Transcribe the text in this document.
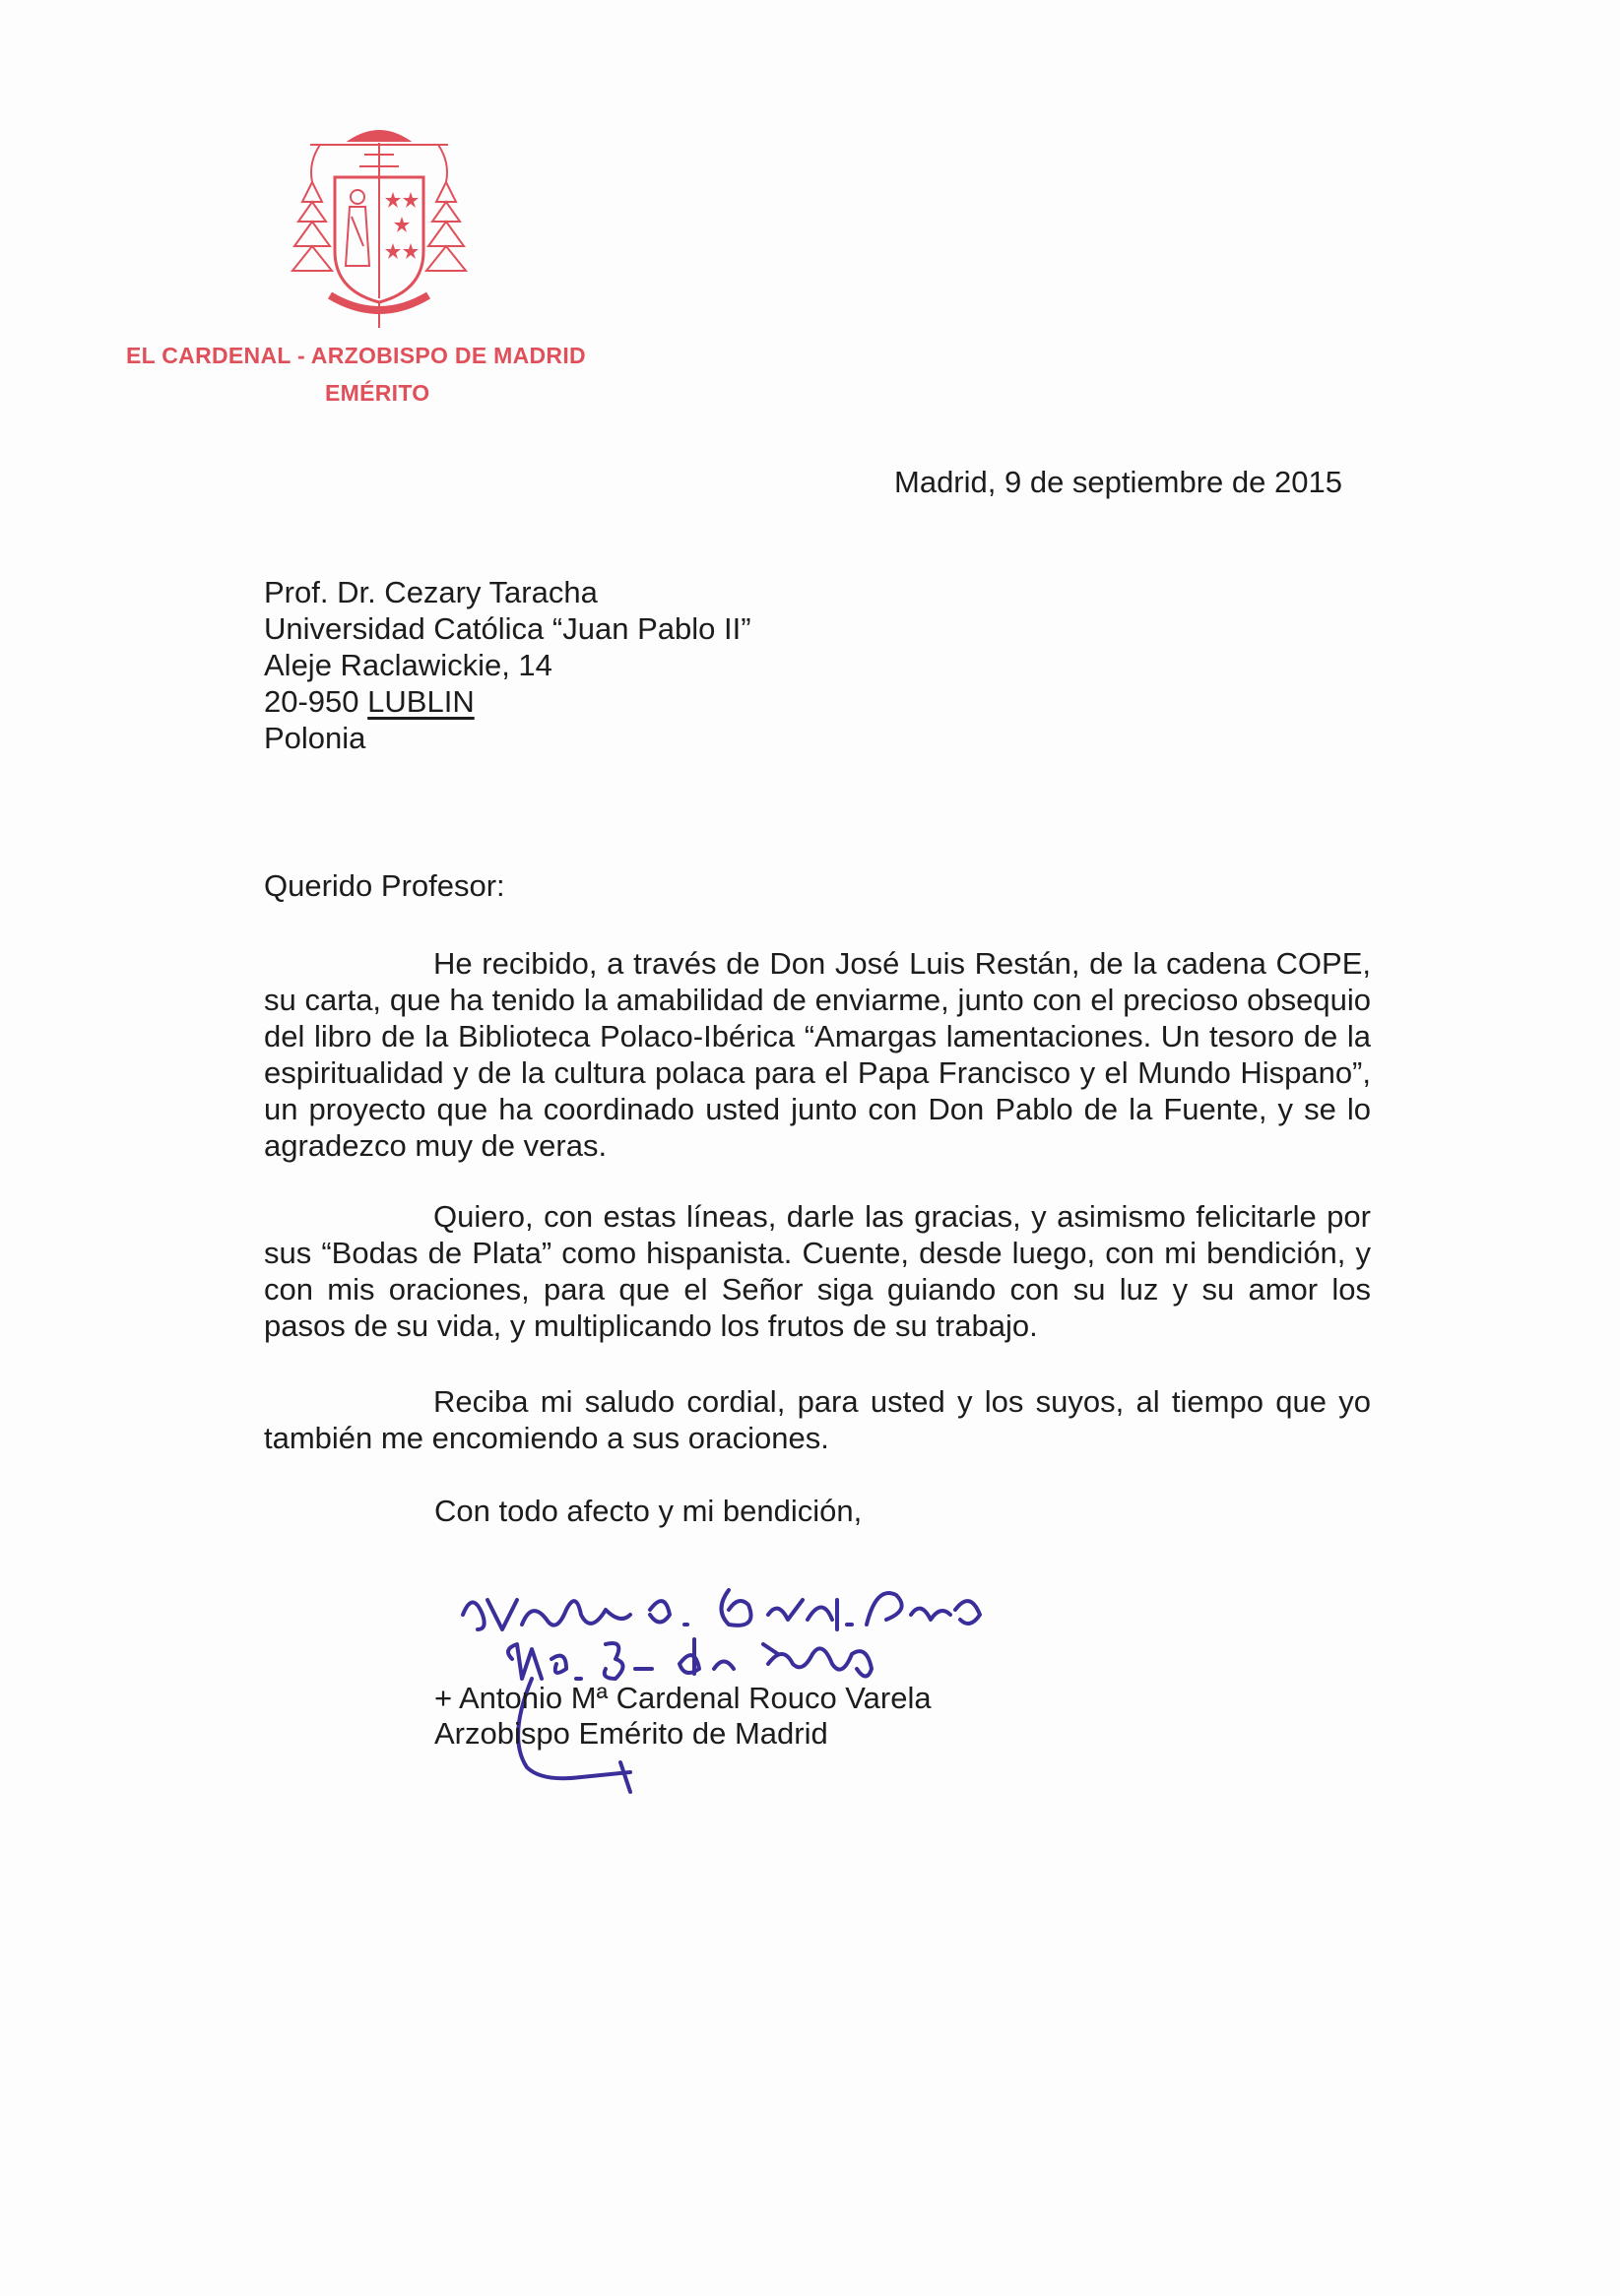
EL CARDENAL - ARZOBISPO DE MADRID
EMÉRITO
Madrid, 9 de septiembre de 2015
Prof. Dr. Cezary Taracha
Universidad Católica “Juan Pablo II”
Aleje Raclawickie, 14
20-950 LUBLIN
Polonia
Querido Profesor:

He recibido, a través de Don José Luis Restán, de la cadena COPE, su carta, que ha tenido la amabilidad de enviarme, junto con el precioso obsequio del libro de la Biblioteca Polaco-Ibérica “Amargas lamentaciones. Un tesoro de la espiritualidad y de la cultura polaca para el Papa Francisco y el Mundo Hispano”, un proyecto que ha coordinado usted junto con Don Pablo de la Fuente, y se lo agradezco muy de veras.

Quiero, con estas líneas, darle las gracias, y asimismo felicitarle por sus “Bodas de Plata” como hispanista. Cuente, desde luego, con mi bendición, y con mis oraciones, para que el Señor siga guiando con su luz y su amor los pasos de su vida, y multiplicando los frutos de su trabajo.

Reciba mi saludo cordial, para usted y los suyos, al tiempo que yo también me encomiendo a sus oraciones.

Con todo afecto y mi bendición,
+ Antonio Mª Cardenal Rouco Varela
Arzobispo Emérito de Madrid
